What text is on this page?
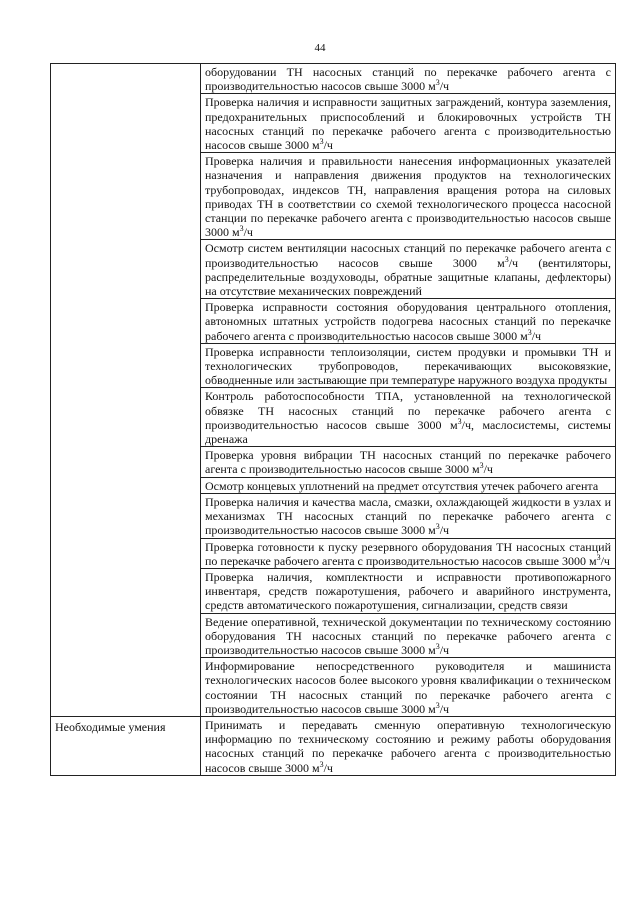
44
	оборудовании ТН насосных станций по перекачке рабочего агента с производительностью насосов свыше 3000 $м^3/ч$
	Проверка наличия и исправности защитных заграждений, контура заземления, предохранительных приспособлений и блокировочных устройств ТН насосных станций по перекачке рабочего агента с производительностью насосов свыше 3000 $м^3/ч$
	Проверка наличия и правильности нанесения информационных указателей назначения и направления движения продуктов на технологических трубопроводах, индексов ТН, направления вращения ротора на силовых приводах ТН в соответствии со схемой технологического процесса насосной станции по перекачке рабочего агента с производительностью насосов свыше 3000 $м^3/ч$
	Осмотр систем вентиляции насосных станций по перекачке рабочего агента с производительностью насосов свыше 3000 $м^3/ч$ (вентиляторы, распределительные воздуховоды, обратные защитные клапаны, дефлекторы) на отсутствие механических повреждений
	Проверка исправности состояния оборудования центрального отопления, автономных штатных устройств подогрева насосных станций по перекачке рабочего агента с производительностью насосов свыше 3000 $м^3/ч$
	Проверка исправности теплоизоляции, систем продувки и промывки ТН и технологических трубопроводов, перекачивающих высоковязкие, обводненные или застывающие при температуре наружного воздуха продукты
	Контроль работоспособности ТПА, установленной на технологической обвязке ТН насосных станций по перекачке рабочего агента с производительностью насосов свыше 3000 $м^3/ч$, маслосистемы, системы дренажа
	Проверка уровня вибрации ТН насосных станций по перекачке рабочего агента с производительностью насосов свыше 3000 $м^3/ч$
	Осмотр концевых уплотнений на предмет отсутствия утечек рабочего агента
	Проверка наличия и качества масла, смазки, охлаждающей жидкости в узлах и механизмах ТН насосных станций по перекачке рабочего агента с производительностью насосов свыше 3000 $м^3/ч$
	Проверка готовности к пуску резервного оборудования ТН насосных станций по перекачке рабочего агента с производительностью насосов свыше 3000 $м^3/ч$
	Проверка наличия, комплектности и исправности противопожарного инвентаря, средств пожаротушения, рабочего и аварийного инструмента, средств автоматического пожаротушения, сигнализации, средств связи
	Ведение оперативной, технической документации по техническому состоянию оборудования ТН насосных станций по перекачке рабочего агента с производительностью насосов свыше 3000 $м^3/ч$
	Информирование непосредственного руководителя и машиниста технологических насосов более высокого уровня квалификации о техническом состоянии ТН насосных станций по перекачке рабочего агента с производительностью насосов свыше 3000 $м^3/ч$
Необходимые умения	Принимать и передавать сменную оперативную технологическую информацию по техническому состоянию и режиму работы оборудования насосных станций по перекачке рабочего агента с производительностью насосов свыше 3000 $м^3/ч$
